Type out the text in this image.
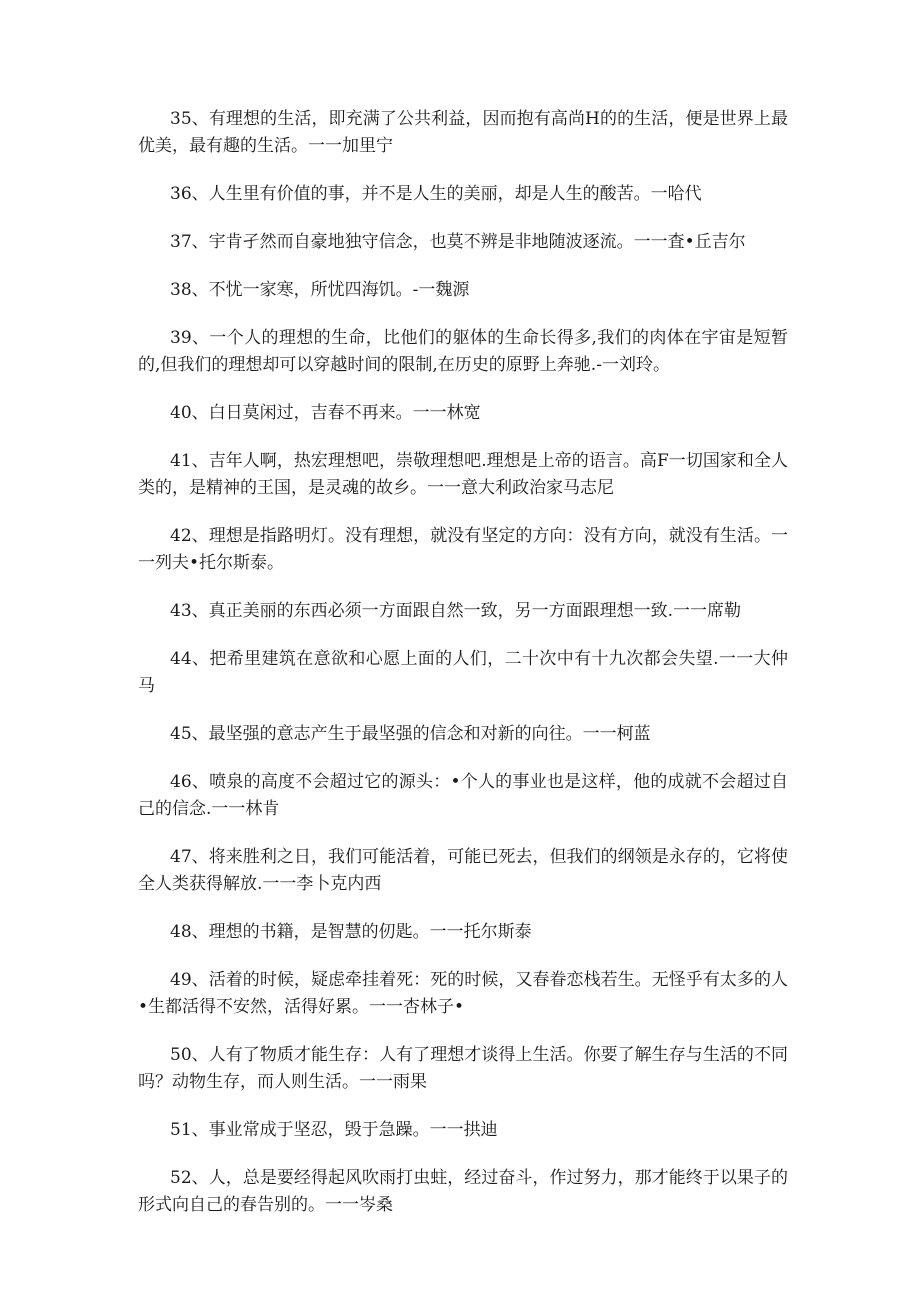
35、有理想的生活，即充满了公共利益，因而抱有高尚H的的生活，便是世界上最优美，最有趣的生活。一一加里宁

36、人生里有价值的事，并不是人生的美丽，却是人生的酸苦。一哈代

37、宇肯孑然而自豪地独守信念，也莫不辨是非地随波逐流。一一査•丘吉尔

38、不忧一家寒，所忧四海饥。-一魏源

39、一个人的理想的生命，比他们的躯体的生命长得多,我们的肉体在宇宙是短暂的,但我们的理想却可以穿越时间的限制,在历史的原野上奔驰.-一刘玲。

40、白日莫闲过，吉春不再来。一一林宽

41、吉年人啊，热宏理想吧，崇敬理想吧.理想是上帝的语言。高F一切国家和全人类的，是精神的王国，是灵魂的故乡。一一意大利政治家马志尼

42、理想是指路明灯。没有理想，就没有坚定的方向：没有方向，就没有生活。一一列夫•托尔斯泰。

43、真正美丽的东西必须一方面跟自然一致，另一方面跟理想一致.一一席勒

44、把希里建筑在意欲和心愿上面的人们，二十次中有十九次都会失望.一一大仲马

45、最坚强的意志产生于最坚强的信念和对新的向往。一一柯蓝

46、喷泉的高度不会超过它的源头：•个人的事业也是这样，他的成就不会超过自己的信念.一一林肯

47、将来胜利之日，我们可能活着，可能已死去，但我们的纲领是永存的，它将使全人类获得解放.一一李卜克内西

48、理想的书籍，是智慧的仞匙。一一托尔斯泰

49、活着的时候，疑虑牵挂着死：死的时候，又春眷恋栈若生。无怪乎有太多的人•生都活得不安然，活得好累。一一杏林子•

50、人有了物质才能生存：人有了理想才谈得上生活。你要了解生存与生活的不同吗？动物生存，而人则生活。一一雨果

51、事业常成于坚忍，毁于急躁。一一拱迪

52、人，总是要经得起风吹雨打虫蛀，经过奋斗，作过努力，那才能终于以果子的形式向自己的春告别的。一一岑桑
